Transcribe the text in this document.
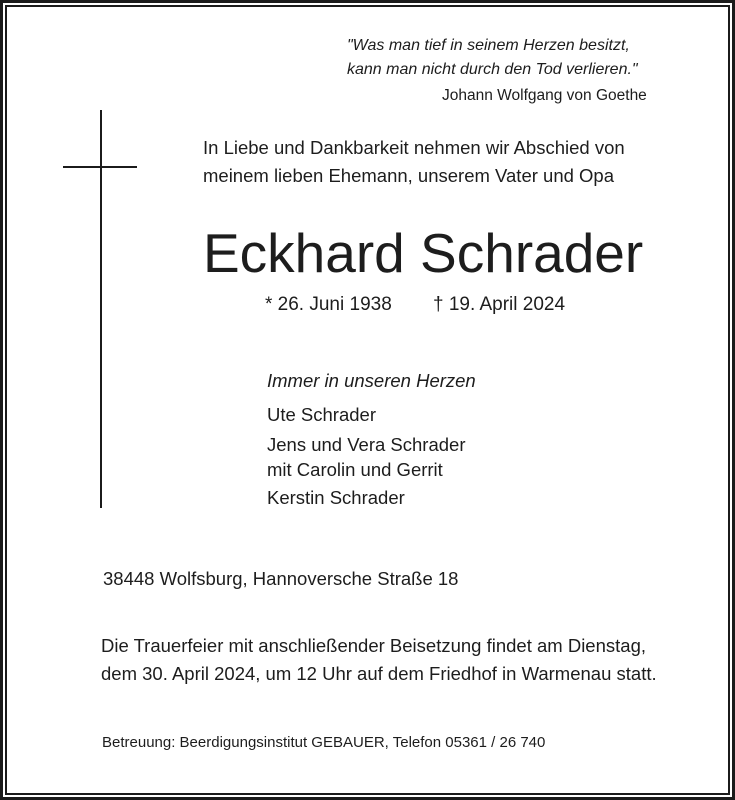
"Was man tief in seinem Herzen besitzt,
kann man nicht durch den Tod verlieren."
Johann Wolfgang von Goethe
In Liebe und Dankbarkeit nehmen wir Abschied von
meinem lieben Ehemann, unserem Vater und Opa
Eckhard Schrader
* 26. Juni 1938 † 19. April 2024
Immer in unseren Herzen
Ute Schrader
Jens und Vera Schrader
mit Carolin und Gerrit
Kerstin Schrader
38448 Wolfsburg, Hannoversche Straße 18
Die Trauerfeier mit anschließender Beisetzung findet am Dienstag,
dem 30. April 2024, um 12 Uhr auf dem Friedhof in Warmenau statt.
Betreuung: Beerdigungsinstitut GEBAUER, Telefon 05361 / 26 740
